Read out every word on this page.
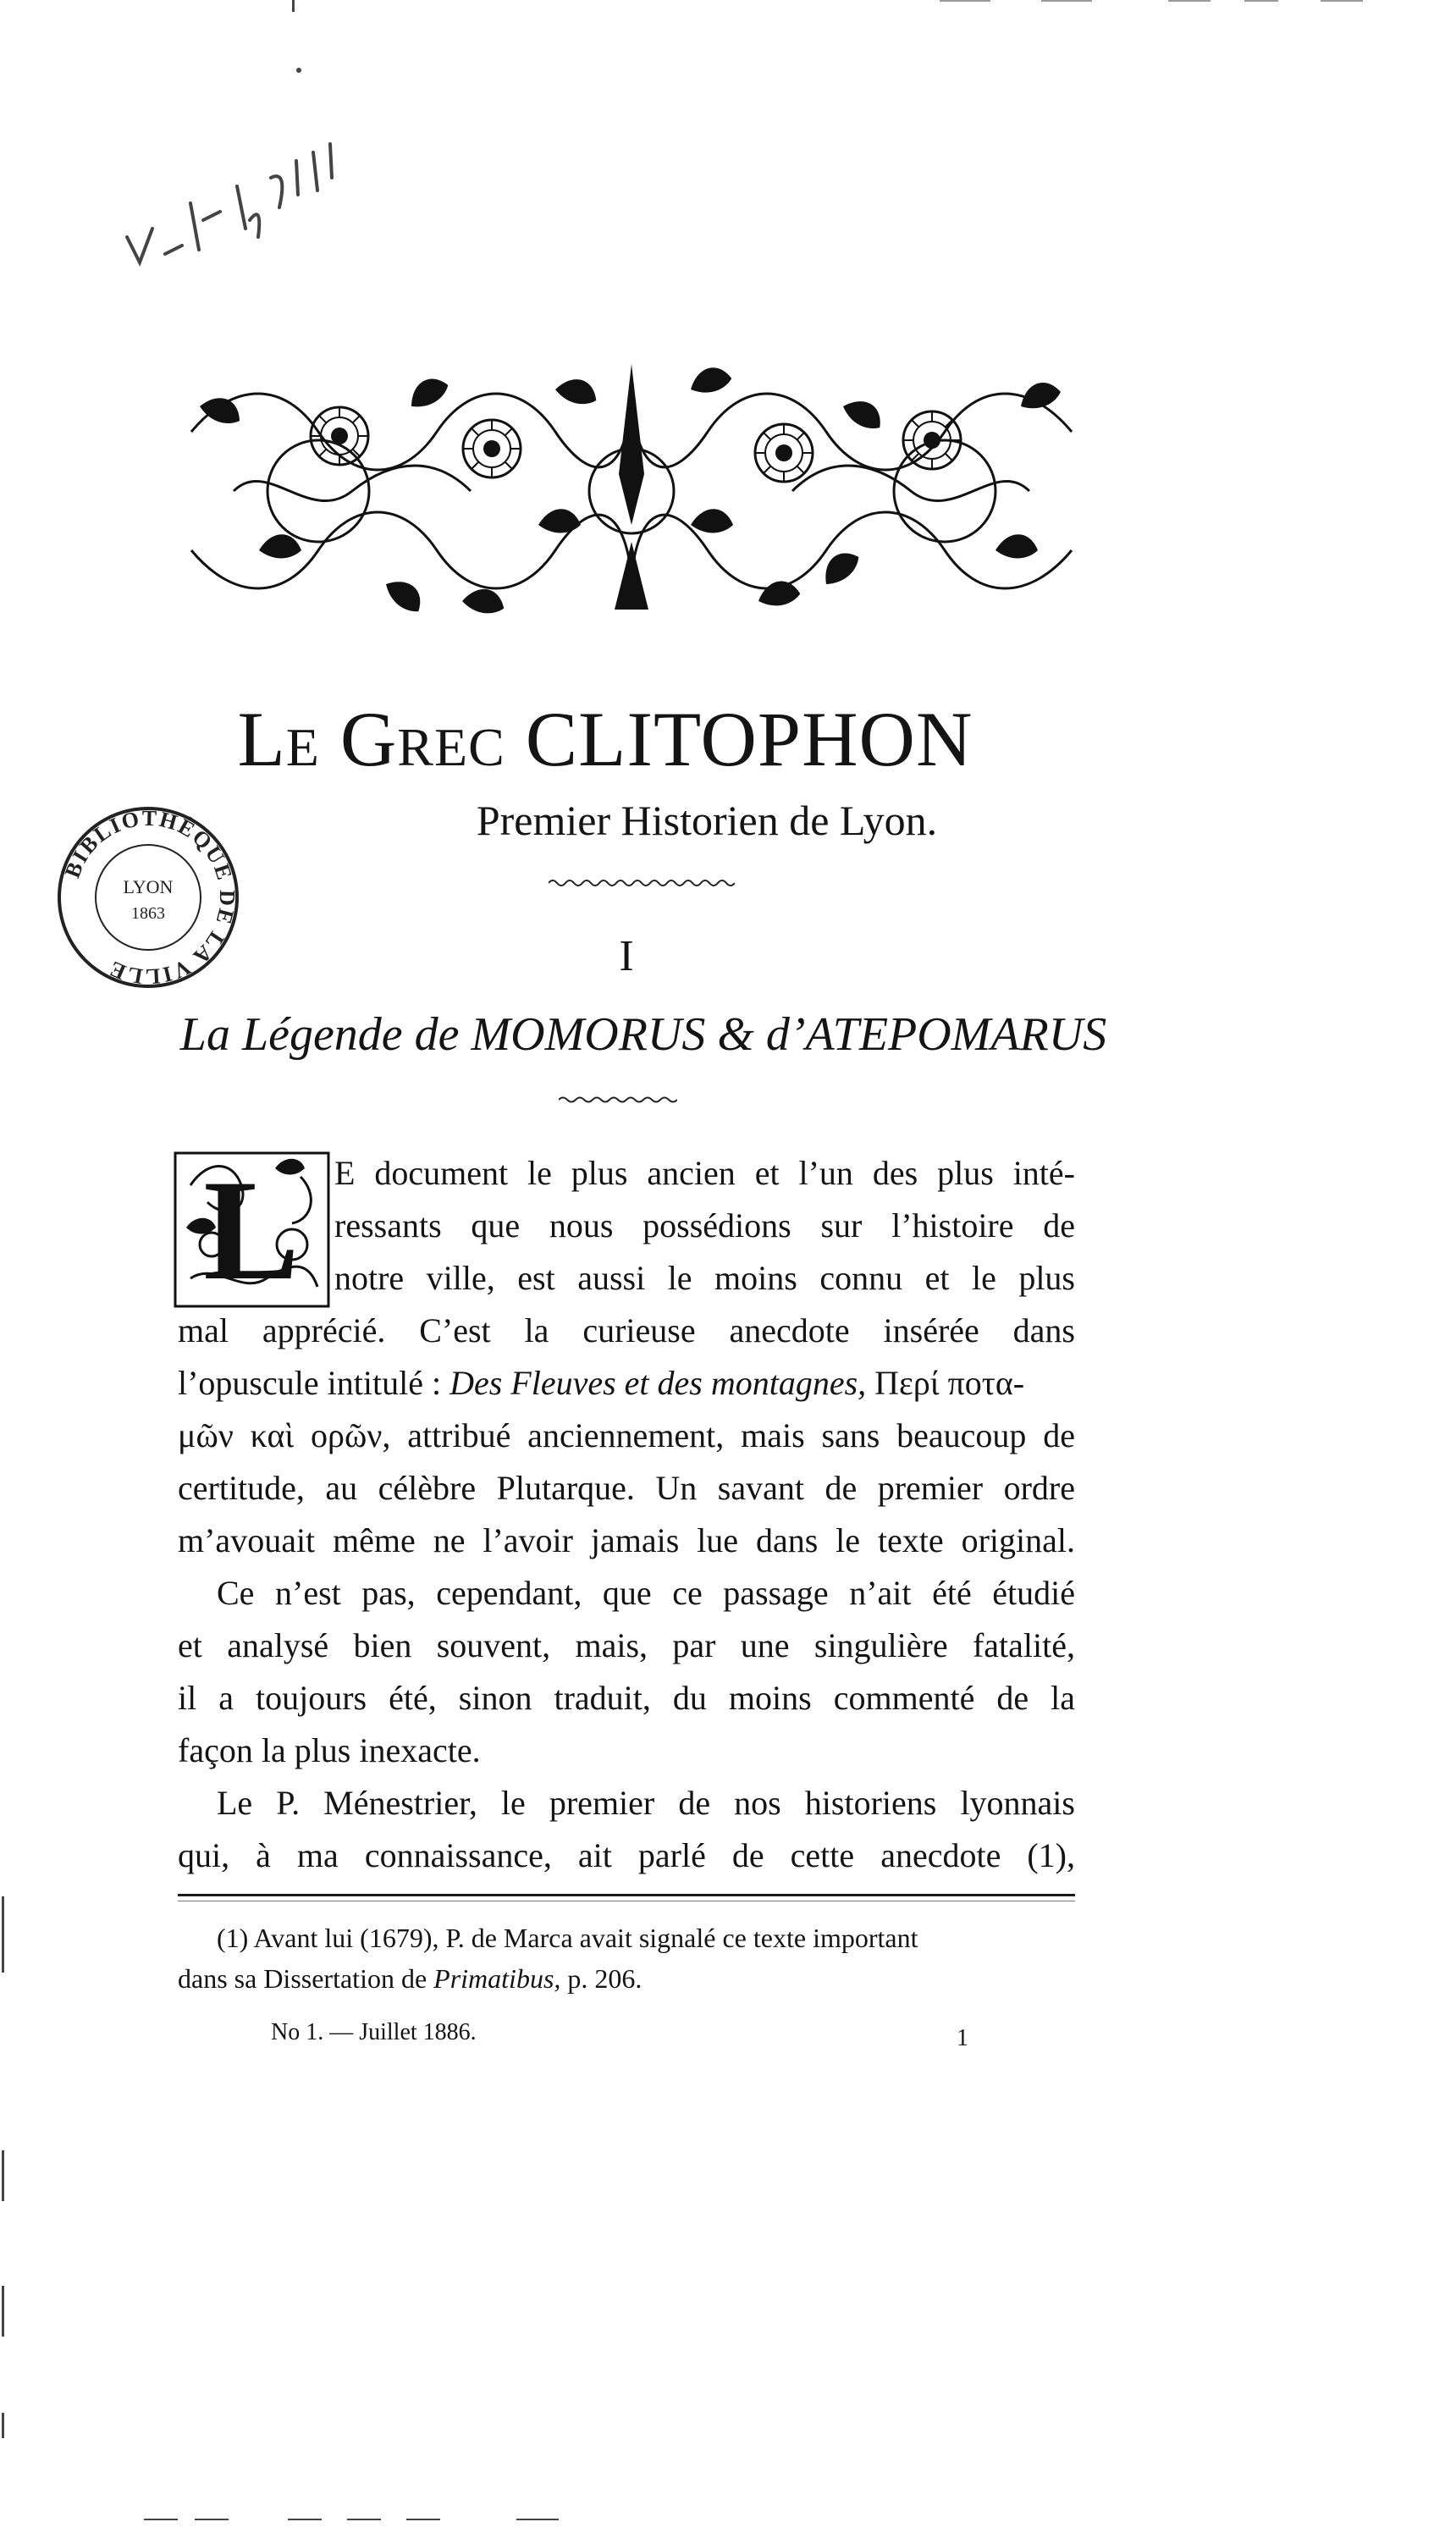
Le Grec CLITOPHON
Premier Historien de Lyon.
I
La Légende de MOMORUS & d’ATEPOMARUS
BIBLIOTHÈQUE DE LA VILLE
LYON
1863
L E document le plus ancien et l’un des plus inté-
ressants que nous possédions sur l’histoire de
notre ville, est aussi le moins connu et le plus
mal apprécié. C’est la curieuse anecdote insérée dans
l’opuscule intitulé : Des Fleuves et des montagnes, Περί ποτα-
μῶν καὶ ορῶν, attribué anciennement, mais sans beaucoup de
certitude, au célèbre Plutarque. Un savant de premier ordre
m’avouait même ne l’avoir jamais lue dans le texte original.
Ce n’est pas, cependant, que ce passage n’ait été étudié
et analysé bien souvent, mais, par une singulière fatalité,
il a toujours été, sinon traduit, du moins commenté de la
façon la plus inexacte.
Le P. Ménestrier, le premier de nos historiens lyonnais
qui, à ma connaissance, ait parlé de cette anecdote (1),
(1) Avant lui (1679), P. de Marca avait signalé ce texte important
dans sa Dissertation de Primatibus, p. 206.
No 1. — Juillet 1886.	1
